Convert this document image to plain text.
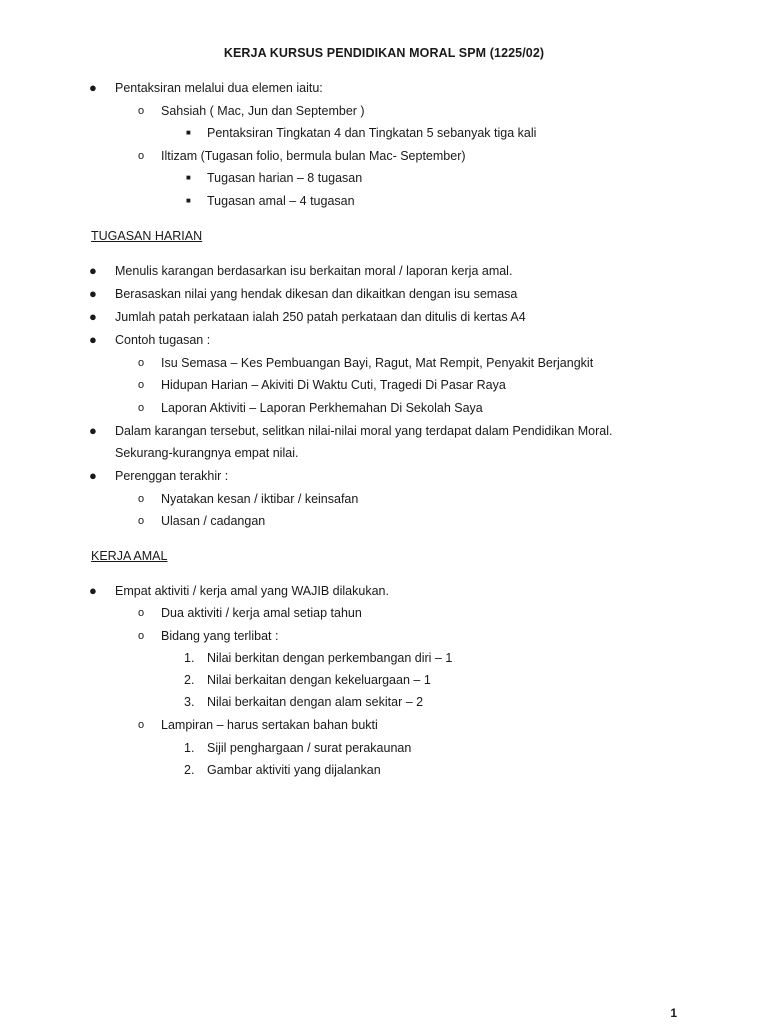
KERJA KURSUS PENDIDIKAN MORAL SPM (1225/02)
● Pentaksiran melalui dua elemen iaitu:
o Sahsiah ( Mac, Jun dan September )
■ Pentaksiran Tingkatan 4 dan Tingkatan 5 sebanyak tiga kali
o Iltizam (Tugasan folio, bermula bulan Mac- September)
■ Tugasan harian – 8 tugasan
■ Tugasan amal – 4 tugasan
TUGASAN HARIAN
● Menulis karangan berdasarkan isu berkaitan moral / laporan kerja amal.
● Berasaskan nilai yang hendak dikesan dan dikaitkan dengan isu semasa
● Jumlah patah perkataan ialah 250 patah perkataan dan ditulis di kertas A4
● Contoh tugasan :
o Isu Semasa – Kes Pembuangan Bayi, Ragut, Mat Rempit, Penyakit Berjangkit
o Hidupan Harian – Akiviti Di Waktu Cuti, Tragedi Di Pasar Raya
o Laporan Aktiviti – Laporan Perkhemahan Di Sekolah Saya
● Dalam karangan tersebut, selitkan nilai-nilai moral yang terdapat dalam Pendidikan Moral.
Sekurang-kurangnya empat nilai.
● Perenggan terakhir :
o Nyatakan kesan / iktibar / keinsafan
o Ulasan / cadangan
KERJA AMAL
● Empat aktiviti / kerja amal yang WAJIB dilakukan.
o Dua aktiviti / kerja amal setiap tahun
o Bidang yang terlibat :
1. Nilai berkitan dengan perkembangan diri – 1
2. Nilai berkaitan dengan kekeluargaan – 1
3. Nilai berkaitan dengan alam sekitar – 2
o Lampiran – harus sertakan bahan bukti
1. Sijil penghargaan / surat perakaunan
2. Gambar aktiviti yang dijalankan
1
